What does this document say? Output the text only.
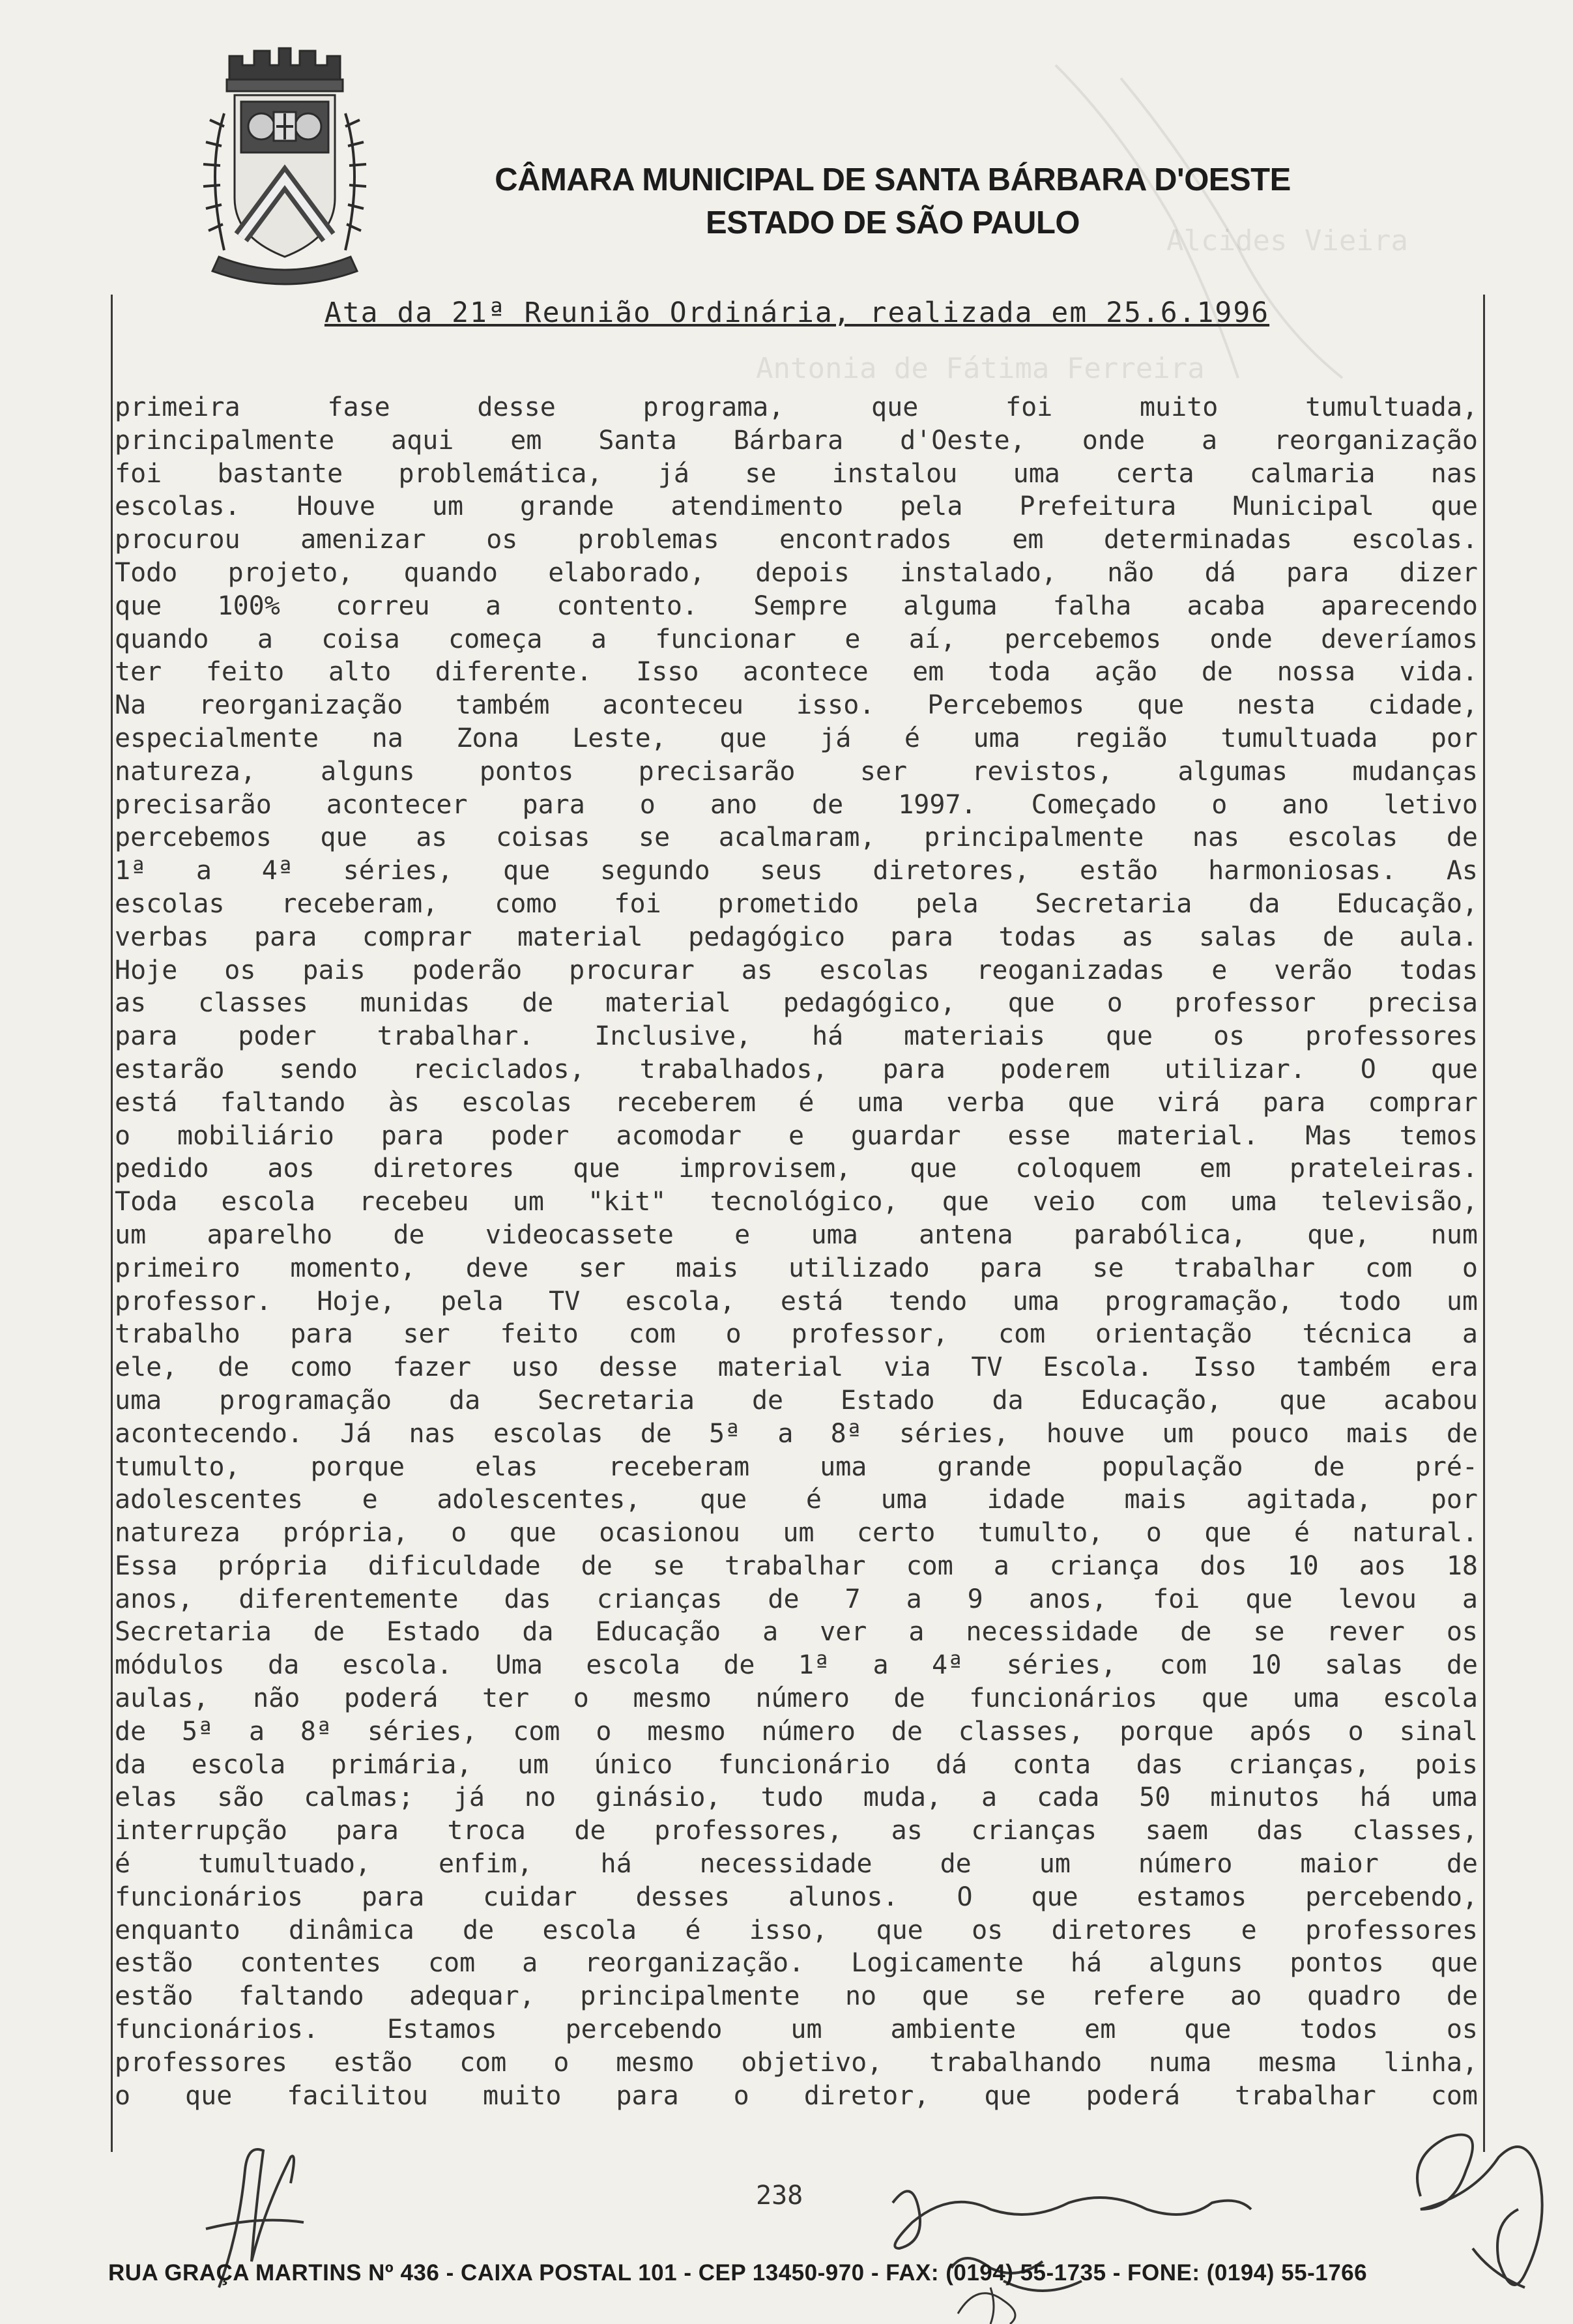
CÂMARA MUNICIPAL DE SANTA BÁRBARA D'OESTE
ESTADO DE SÃO PAULO
Alcides Vieira
Antonia de Fátima Ferreira
Ata da 21ª Reunião Ordinária, realizada em 25.6.1996
primeira fase desse programa, que foi muito tumultuada,
principalmente aqui em Santa Bárbara d'Oeste, onde a reorganização
foi bastante problemática, já se instalou uma certa calmaria nas
escolas. Houve um grande atendimento pela Prefeitura Municipal que
procurou amenizar os problemas encontrados em determinadas escolas.
Todo projeto, quando elaborado, depois instalado, não dá para dizer
que 100% correu a contento. Sempre alguma falha acaba aparecendo
quando a coisa começa a funcionar e aí, percebemos onde deveríamos
ter feito alto diferente. Isso acontece em toda ação de nossa vida.
Na reorganização também aconteceu isso. Percebemos que nesta cidade,
especialmente na Zona Leste, que já é uma região tumultuada por
natureza, alguns pontos precisarão ser revistos, algumas mudanças
precisarão acontecer para o ano de 1997. Começado o ano letivo
percebemos que as coisas se acalmaram, principalmente nas escolas de
1ª a 4ª séries, que segundo seus diretores, estão harmoniosas. As
escolas receberam, como foi prometido pela Secretaria da Educação,
verbas para comprar material pedagógico para todas as salas de aula.
Hoje os pais poderão procurar as escolas reoganizadas e verão todas
as classes munidas de material pedagógico, que o professor precisa
para poder trabalhar. Inclusive, há materiais que os professores
estarão sendo reciclados, trabalhados, para poderem utilizar. O que
está faltando às escolas receberem é uma verba que virá para comprar
o mobiliário para poder acomodar e guardar esse material. Mas temos
pedido aos diretores que improvisem, que coloquem em prateleiras.
Toda escola recebeu um "kit" tecnológico, que veio com uma televisão,
um aparelho de videocassete e uma antena parabólica, que, num
primeiro momento, deve ser mais utilizado para se trabalhar com o
professor. Hoje, pela TV escola, está tendo uma programação, todo um
trabalho para ser feito com o professor, com orientação técnica a
ele, de como fazer uso desse material via TV Escola. Isso também era
uma programação da Secretaria de Estado da Educação, que acabou
acontecendo. Já nas escolas de 5ª a 8ª séries, houve um pouco mais de
tumulto, porque elas receberam uma grande população de pré-
adolescentes e adolescentes, que é uma idade mais agitada, por
natureza própria, o que ocasionou um certo tumulto, o que é natural.
Essa própria dificuldade de se trabalhar com a criança dos 10 aos 18
anos, diferentemente das crianças de 7 a 9 anos, foi que levou a
Secretaria de Estado da Educação a ver a necessidade de se rever os
módulos da escola. Uma escola de 1ª a 4ª séries, com 10 salas de
aulas, não poderá ter o mesmo número de funcionários que uma escola
de 5ª a 8ª séries, com o mesmo número de classes, porque após o sinal
da escola primária, um único funcionário dá conta das crianças, pois
elas são calmas; já no ginásio, tudo muda, a cada 50 minutos há uma
interrupção para troca de professores, as crianças saem das classes,
é tumultuado, enfim, há necessidade de um número maior de
funcionários para cuidar desses alunos. O que estamos percebendo,
enquanto dinâmica de escola é isso, que os diretores e professores
estão contentes com a reorganização. Logicamente há alguns pontos que
estão faltando adequar, principalmente no que se refere ao quadro de
funcionários. Estamos percebendo um ambiente em que todos os
professores estão com o mesmo objetivo, trabalhando numa mesma linha,
o que facilitou muito para o diretor, que poderá trabalhar com
238
RUA GRAÇA MARTINS Nº 436 - CAIXA POSTAL 101 - CEP 13450-970 - FAX: (0194) 55-1735 - FONE: (0194) 55-1766
